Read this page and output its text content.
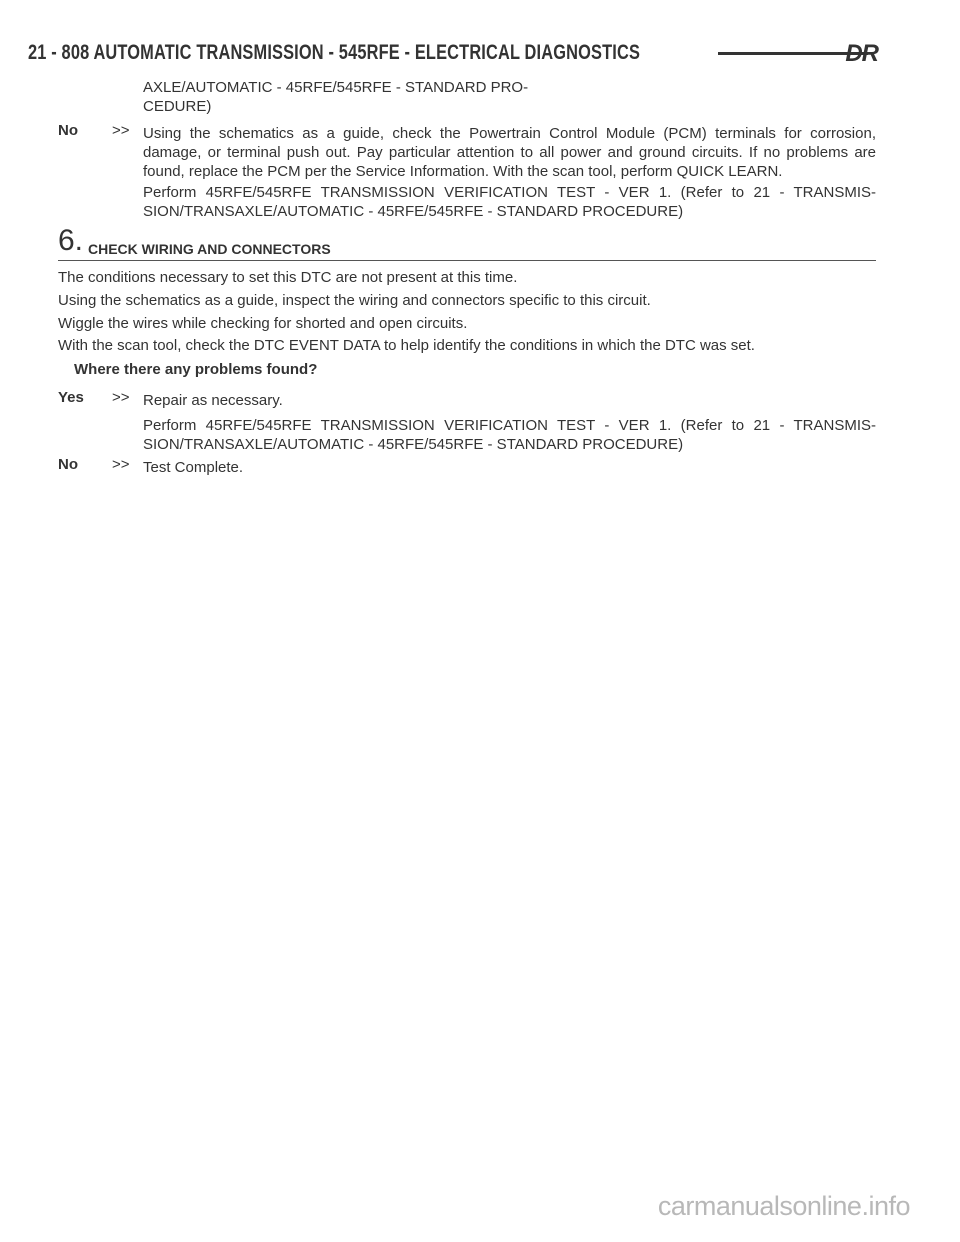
21 - 808 AUTOMATIC TRANSMISSION - 545RFE - ELECTRICAL DIAGNOSTICS	DR

AXLE/AUTOMATIC - 45RFE/545RFE - STANDARD PRO-
CEDURE)

No >> Using the schematics as a guide, check the Powertrain Control Module (PCM) terminals for corrosion, damage, or terminal push out. Pay particular attention to all power and ground circuits. If no problems are found, replace the PCM per the Service Information. With the scan tool, perform QUICK LEARN.

Perform 45RFE/545RFE TRANSMISSION VERIFICATION TEST - VER 1. (Refer to 21 - TRANSMIS-SION/TRANSAXLE/AUTOMATIC - 45RFE/545RFE - STANDARD PROCEDURE)

6. CHECK WIRING AND CONNECTORS

The conditions necessary to set this DTC are not present at this time.

Using the schematics as a guide, inspect the wiring and connectors specific to this circuit.

Wiggle the wires while checking for shorted and open circuits.

With the scan tool, check the DTC EVENT DATA to help identify the conditions in which the DTC was set.

Where there any problems found?
Yes >> Repair as necessary.

Perform 45RFE/545RFE TRANSMISSION VERIFICATION TEST - VER 1. (Refer to 21 - TRANSMIS-SION/TRANSAXLE/AUTOMATIC - 45RFE/545RFE - STANDARD PROCEDURE)

No >> Test Complete.

carmanualsonline.info
